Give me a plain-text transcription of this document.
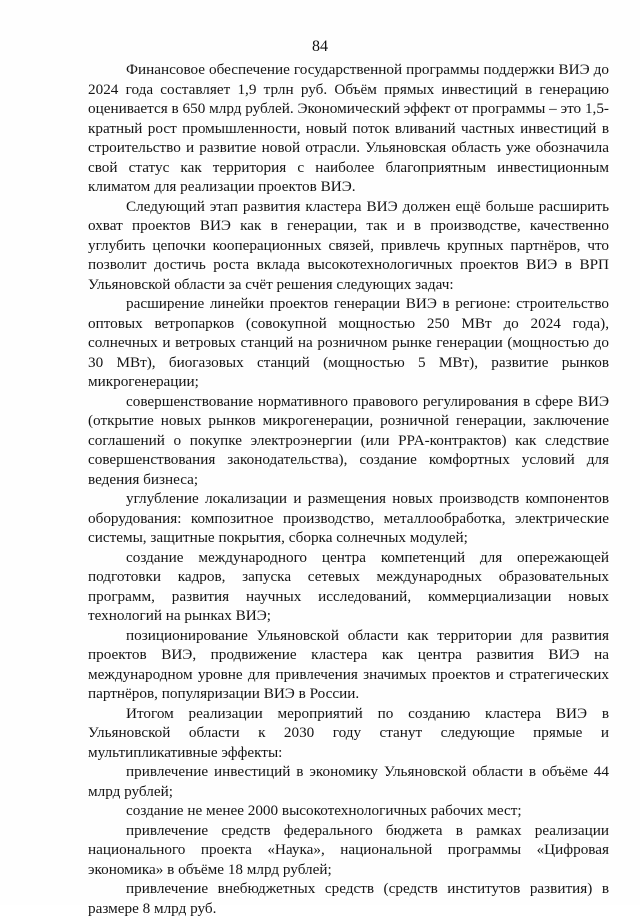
84

Финансовое обеспечение государственной программы поддержки ВИЭ до 2024 года составляет 1,9 трлн руб. Объём прямых инвестиций в генерацию оценивается в 650 млрд рублей. Экономический эффект от программы – это 1,5-кратный рост промышленности, новый поток вливаний частных инвестиций в строительство и развитие новой отрасли. Ульяновская область уже обозначила свой статус как территория с наиболее благоприятным инвестиционным климатом для реализации проектов ВИЭ.

Следующий этап развития кластера ВИЭ должен ещё больше расширить охват проектов ВИЭ как в генерации, так и в производстве, качественно углубить цепочки кооперационных связей, привлечь крупных партнёров, что позволит достичь роста вклада высокотехнологичных проектов ВИЭ в ВРП Ульяновской области за счёт решения следующих задач:

расширение линейки проектов генерации ВИЭ в регионе: строительство оптовых ветропарков (совокупной мощностью 250 МВт до 2024 года), солнечных и ветровых станций на розничном рынке генерации (мощностью до 30 МВт), биогазовых станций (мощностью 5 МВт), развитие рынков микрогенерации;

совершенствование нормативного правового регулирования в сфере ВИЭ (открытие новых рынков микрогенерации, розничной генерации, заключение соглашений о покупке электроэнергии (или PPA-контрактов) как следствие совершенствования законодательства), создание комфортных условий для ведения бизнеса;

углубление локализации и размещения новых производств компонентов оборудования: композитное производство, металлообработка, электрические системы, защитные покрытия, сборка солнечных модулей;

создание международного центра компетенций для опережающей подготовки кадров, запуска сетевых международных образовательных программ, развития научных исследований, коммерциализации новых технологий на рынках ВИЭ;

позиционирование Ульяновской области как территории для развития проектов ВИЭ, продвижение кластера как центра развития ВИЭ на международном уровне для привлечения значимых проектов и стратегических партнёров, популяризации ВИЭ в России.

Итогом реализации мероприятий по созданию кластера ВИЭ в Ульяновской области к 2030 году станут следующие прямые и мультипликативные эффекты:

привлечение инвестиций в экономику Ульяновской области в объёме 44 млрд рублей;

создание не менее 2000 высокотехнологичных рабочих мест;

привлечение средств федерального бюджета в рамках реализации национального проекта «Наука», национальной программы «Цифровая экономика» в объёме 18 млрд рублей;

привлечение внебюджетных средств (средств институтов развития) в размере 8 млрд руб.
